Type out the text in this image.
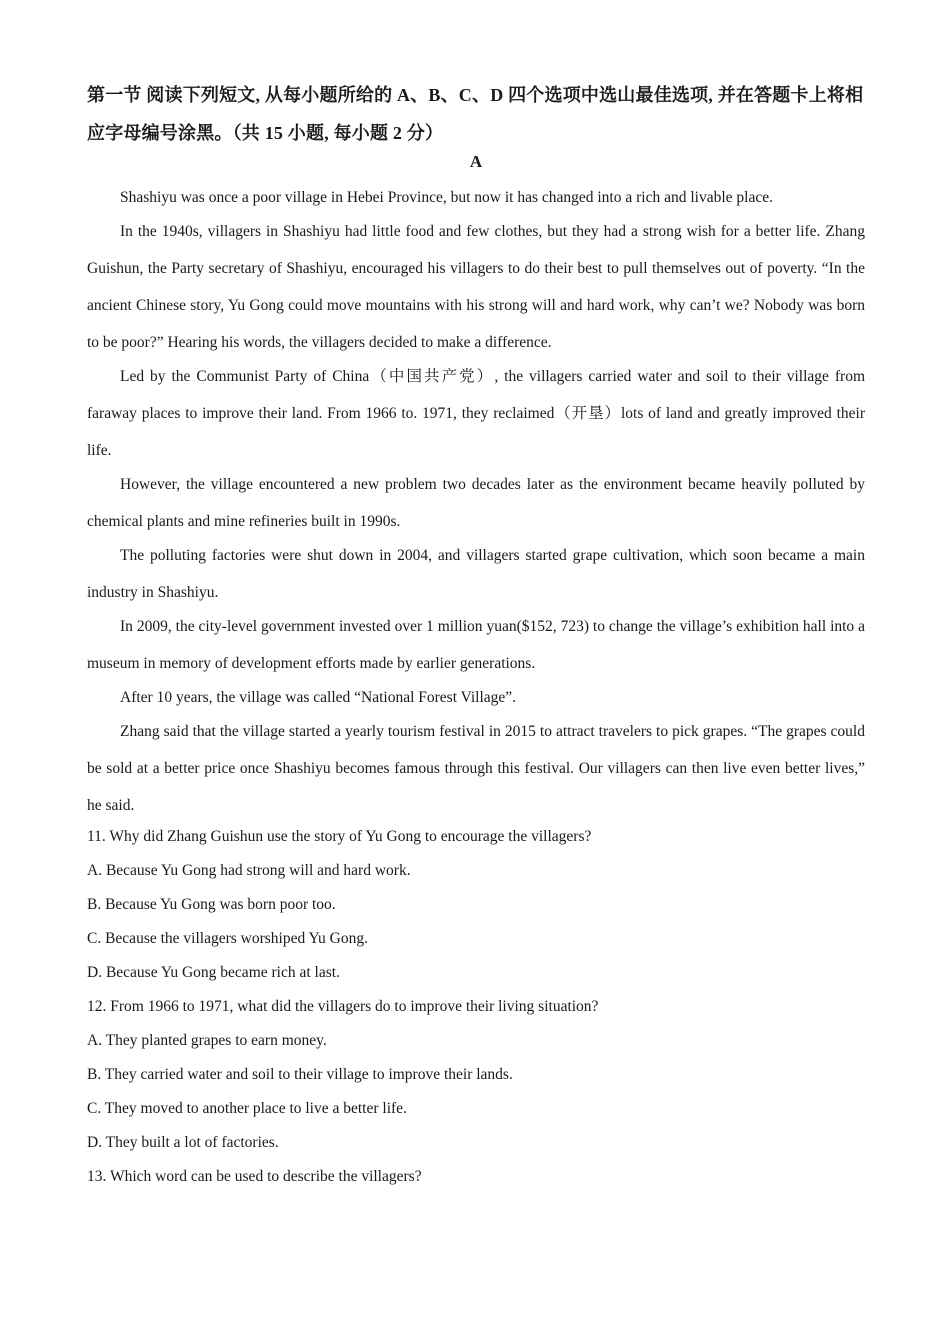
第一节 阅读下列短文, 从每小题所给的 A、B、C、D 四个选项中选山最佳选项, 并在答题卡上将相应字母编号涂黑。（共 15 小题, 每小题 2 分）

A

Shashiyu was once a poor village in Hebei Province, but now it has changed into a rich and livable place.

In the 1940s, villagers in Shashiyu had little food and few clothes, but they had a strong wish for a better life. Zhang Guishun, the Party secretary of Shashiyu, encouraged his villagers to do their best to pull themselves out of poverty. “In the ancient Chinese story, Yu Gong could move mountains with his strong will and hard work, why can’t we? Nobody was born to be poor?” Hearing his words, the villagers decided to make a difference.

Led by the Communist Party of China（中国共产党）, the villagers carried water and soil to their village from faraway places to improve their land. From 1966 to. 1971, they reclaimed（开垦）lots of land and greatly improved their life.

However, the village encountered a new problem two decades later as the environment became heavily polluted by chemical plants and mine refineries built in 1990s.

The polluting factories were shut down in 2004, and villagers started grape cultivation, which soon became a main industry in Shashiyu.

In 2009, the city-level government invested over 1 million yuan($152, 723) to change the village’s exhibition hall into a museum in memory of development efforts made by earlier generations.

After 10 years, the village was called “National Forest Village”.

Zhang said that the village started a yearly tourism festival in 2015 to attract travelers to pick grapes. “The grapes could be sold at a better price once Shashiyu becomes famous through this festival. Our villagers can then live even better lives,” he said.

11. Why did Zhang Guishun use the story of Yu Gong to encourage the villagers?

A. Because Yu Gong had strong will and hard work.

B. Because Yu Gong was born poor too.

C. Because the villagers worshiped Yu Gong.

D. Because Yu Gong became rich at last.

12. From 1966 to 1971, what did the villagers do to improve their living situation?

A. They planted grapes to earn money.

B. They carried water and soil to their village to improve their lands.

C. They moved to another place to live a better life.

D. They built a lot of factories.

13. Which word can be used to describe the villagers?
